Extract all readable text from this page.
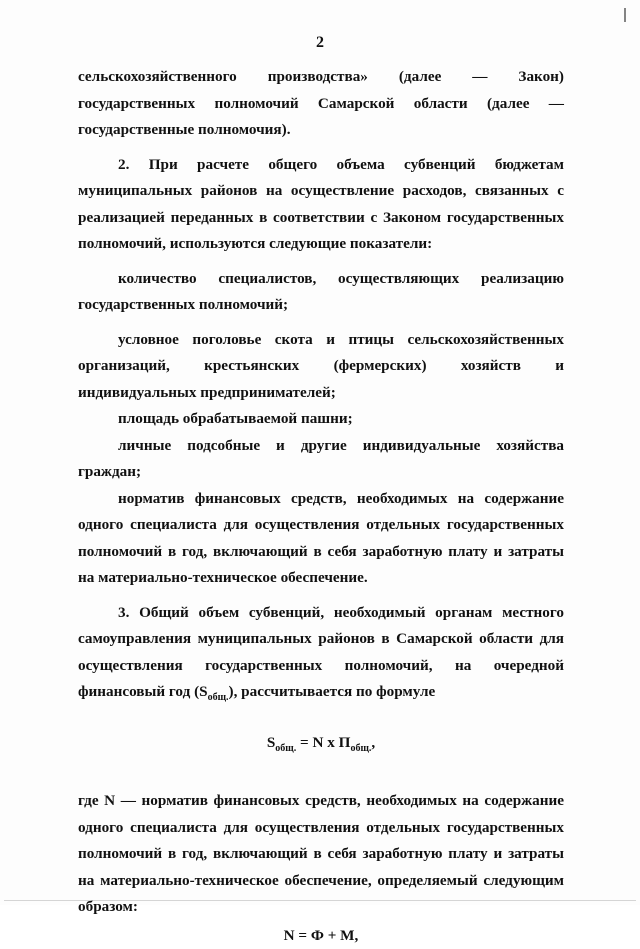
2

сельскохозяйственного производства» (далее — Закон) государственных полномочий Самарской области (далее — государственные полномочия).

2. При расчете общего объема субвенций бюджетам муниципальных районов на осуществление расходов, связанных с реализацией переданных в соответствии с Законом государственных полномочий, используются следующие показатели:

количество специалистов, осуществляющих реализацию государственных полномочий;

условное поголовье скота и птицы сельскохозяйственных организаций, крестьянских (фермерских) хозяйств и индивидуальных предпринимателей;

площадь обрабатываемой пашни;

личные подсобные и другие индивидуальные хозяйства граждан;

норматив финансовых средств, необходимых на содержание одного специалиста для осуществления отдельных государственных полномочий в год, включающий в себя заработную плату и затраты на материально-техническое обеспечение.

3. Общий объем субвенций, необходимый органам местного самоуправления муниципальных районов в Самарской области для осуществления государственных полномочий, на очередной финансовый год $(S_{общ.})$, рассчитывается по формуле

$S_{общ.} = N$ x $П_{общ.}$,

где N — норматив финансовых средств, необходимых на содержание одного специалиста для осуществления отдельных государственных полномочий в год, включающий в себя заработную плату и затраты на материально-техническое обеспечение, определяемый следующим образом:

N = Ф + М,
